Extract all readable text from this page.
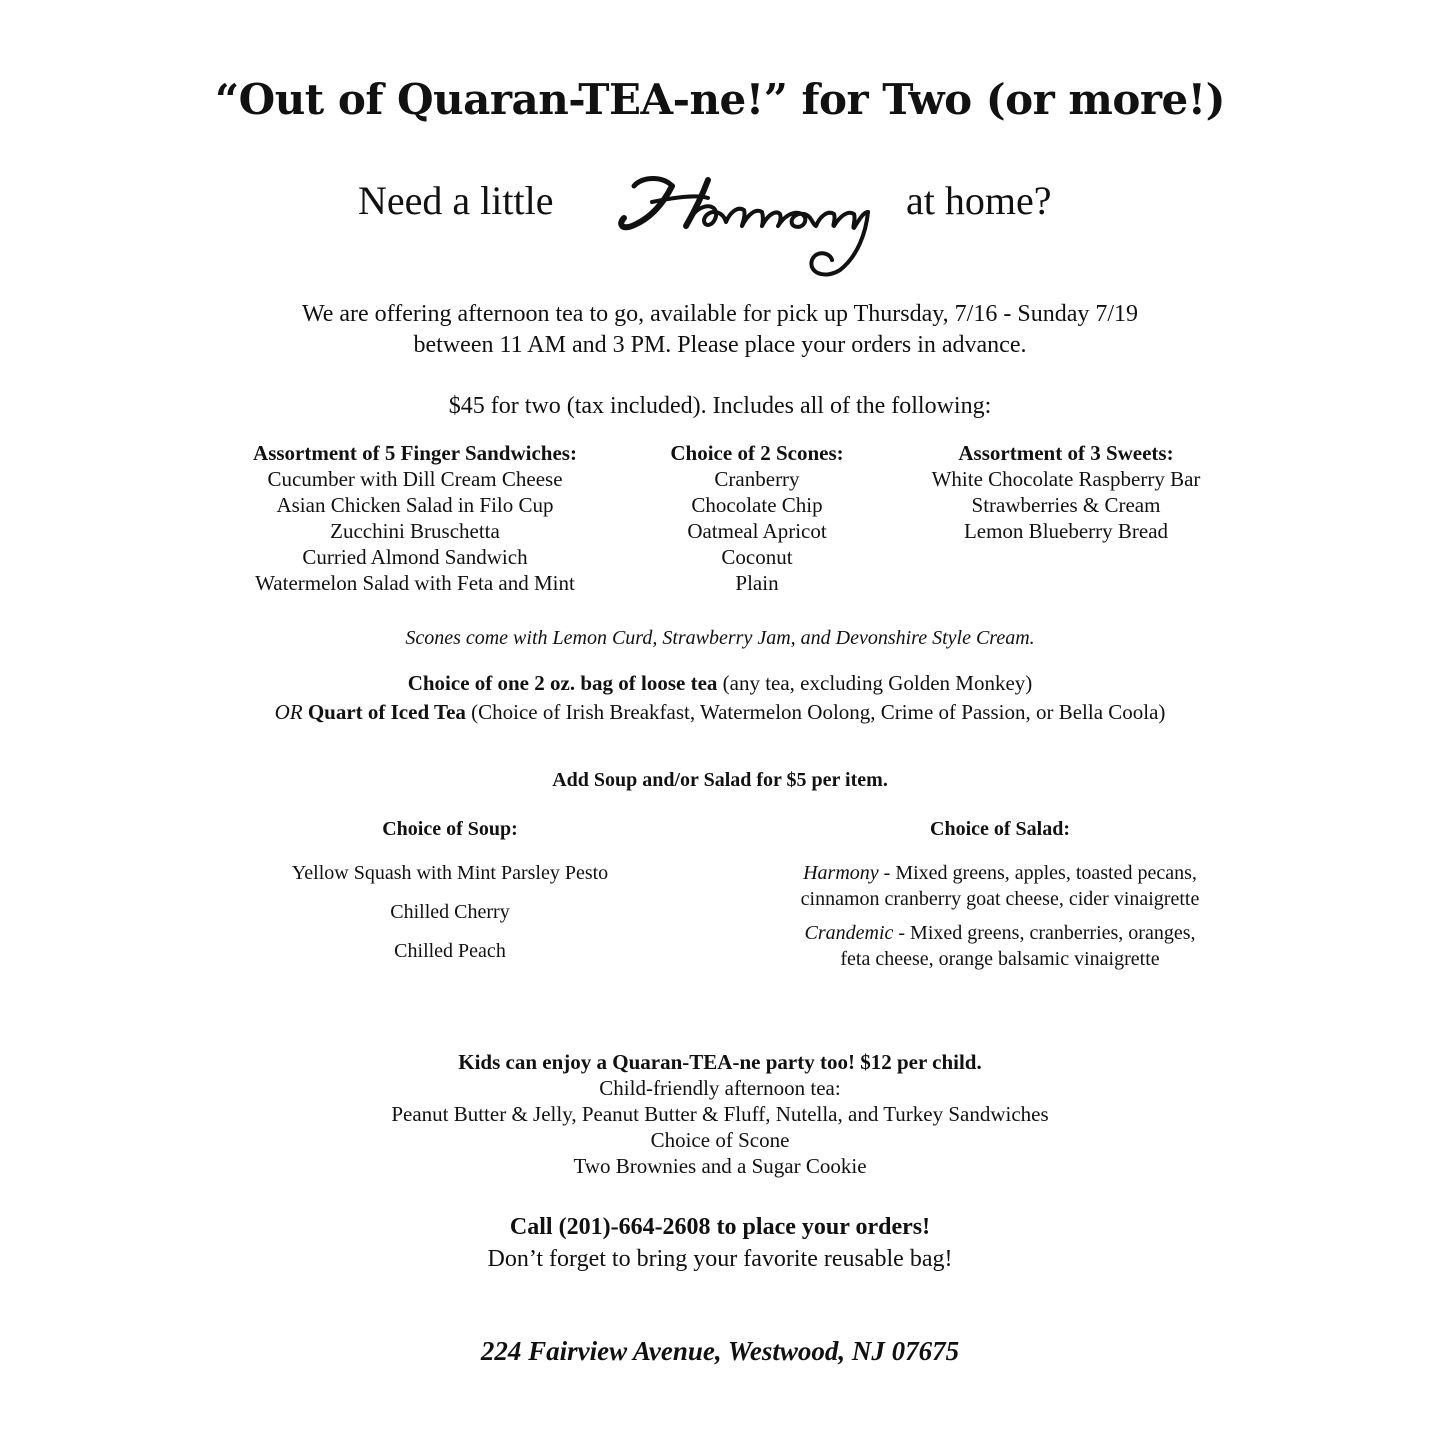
“Out of Quaran-TEA-ne!” for Two (or more!)
Need a little	at home?
We are offering afternoon tea to go, available for pick up Thursday, 7/16 - Sunday 7/19
between 11 AM and 3 PM. Please place your orders in advance.
$45 for two (tax included). Includes all of the following:
Assortment of 5 Finger Sandwiches:
Cucumber with Dill Cream Cheese
Asian Chicken Salad in Filo Cup
Zucchini Bruschetta
Curried Almond Sandwich
Watermelon Salad with Feta and Mint
Choice of 2 Scones:
Cranberry
Chocolate Chip
Oatmeal Apricot
Coconut
Plain
Assortment of 3 Sweets:
White Chocolate Raspberry Bar
Strawberries & Cream
Lemon Blueberry Bread
Scones come with Lemon Curd, Strawberry Jam, and Devonshire Style Cream.
Choice of one 2 oz. bag of loose tea (any tea, excluding Golden Monkey)
OR Quart of Iced Tea (Choice of Irish Breakfast, Watermelon Oolong, Crime of Passion, or Bella Coola)
Add Soup and/or Salad for $5 per item.
Choice of Soup:
Yellow Squash with Mint Parsley Pesto
Chilled Cherry
Chilled Peach
Choice of Salad:
Harmony - Mixed greens, apples, toasted pecans, cinnamon cranberry goat cheese, cider vinaigrette
Crandemic - Mixed greens, cranberries, oranges, feta cheese, orange balsamic vinaigrette
Kids can enjoy a Quaran-TEA-ne party too! $12 per child.
Child-friendly afternoon tea:
Peanut Butter & Jelly, Peanut Butter & Fluff, Nutella, and Turkey Sandwiches
Choice of Scone
Two Brownies and a Sugar Cookie
Call (201)-664-2608 to place your orders!
Don’t forget to bring your favorite reusable bag!
224 Fairview Avenue, Westwood, NJ 07675
